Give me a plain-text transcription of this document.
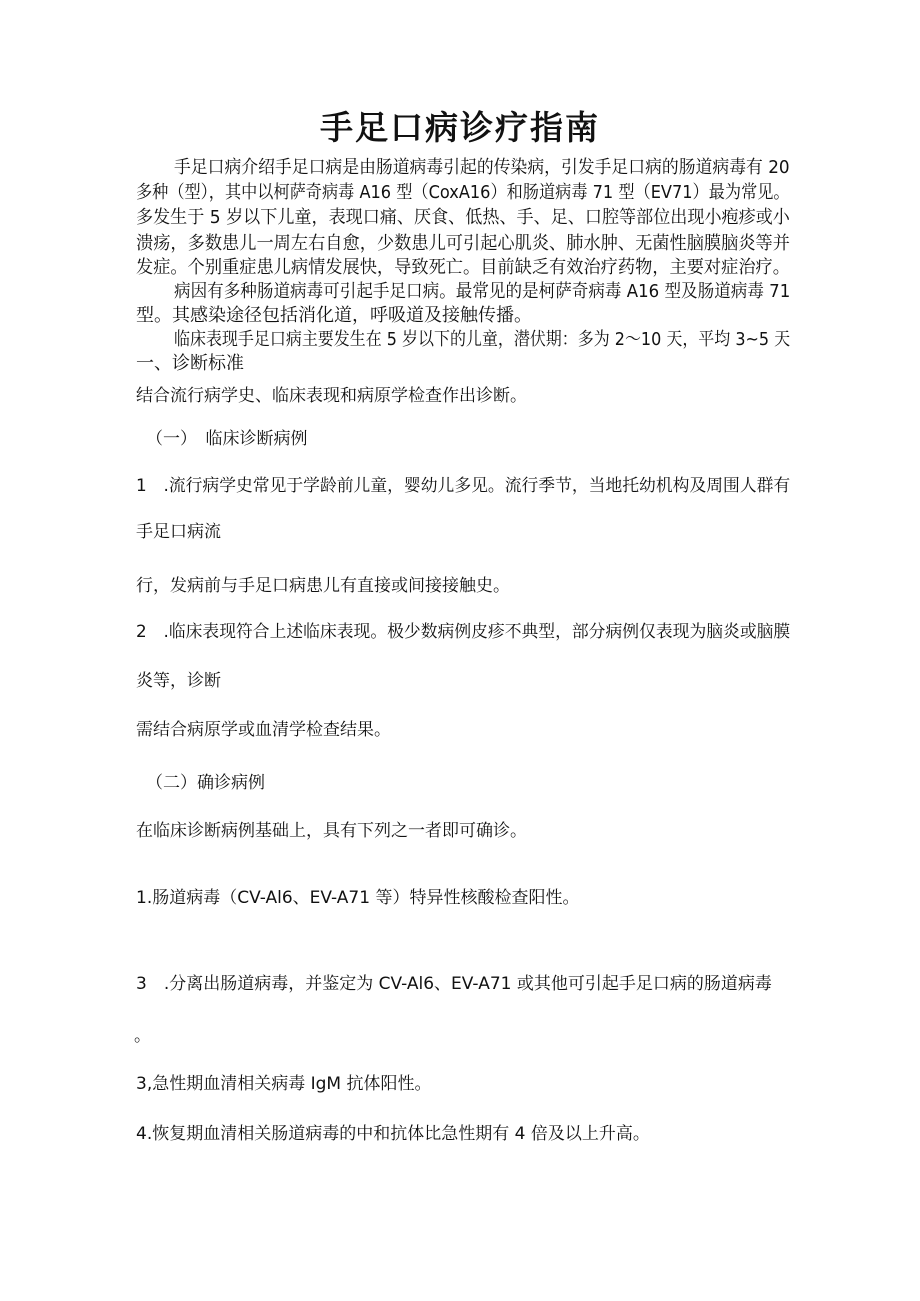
手足口病诊疗指南

手足口病介绍手足口病是由肠道病毒引起的传染病，引发手足口病的肠道病毒有 20

多种（型），其中以柯萨奇病毒 A16 型（CoxA16）和肠道病毒 71 型（EV71）最为常见。

多发生于 5 岁以下儿童，表现口痛、厌食、低热、手、足、口腔等部位出现小疱疹或小

溃疡，多数患儿一周左右自愈，少数患儿可引起心肌炎、肺水肿、无菌性脑膜脑炎等并

发症。个别重症患儿病情发展快，导致死亡。目前缺乏有效治疗药物，主要对症治疗。

病因有多种肠道病毒可引起手足口病。最常见的是柯萨奇病毒 A16 型及肠道病毒 71

型。其感染途径包括消化道，呼吸道及接触传播。

临床表现手足口病主要发生在 5 岁以下的儿童，潜伏期：多为 2～10 天，平均 3~5 天

一、诊断标准

结合流行病学史、临床表现和病原学检查作出诊断。

（一）　临床诊断病例

1　.流行病学史常见于学龄前儿童，婴幼儿多见。流行季节，当地托幼机构及周围人群有

手足口病流

行，发病前与手足口病患儿有直接或间接接触史。

2　.临床表现符合上述临床表现。极少数病例皮疹不典型，部分病例仅表现为脑炎或脑膜

炎等，诊断

需结合病原学或血清学检查结果。

（二）确诊病例

在临床诊断病例基础上，具有下列之一者即可确诊。

1.肠道病毒（CV-Al6、EV-A71 等）特异性核酸检查阳性。

3　.分离出肠道病毒，并鉴定为 CV-Al6、EV-A71 或其他可引起手足口病的肠道病毒

。

3,急性期血清相关病毒 IgM 抗体阳性。

4.恢复期血清相关肠道病毒的中和抗体比急性期有 4 倍及以上升高。
